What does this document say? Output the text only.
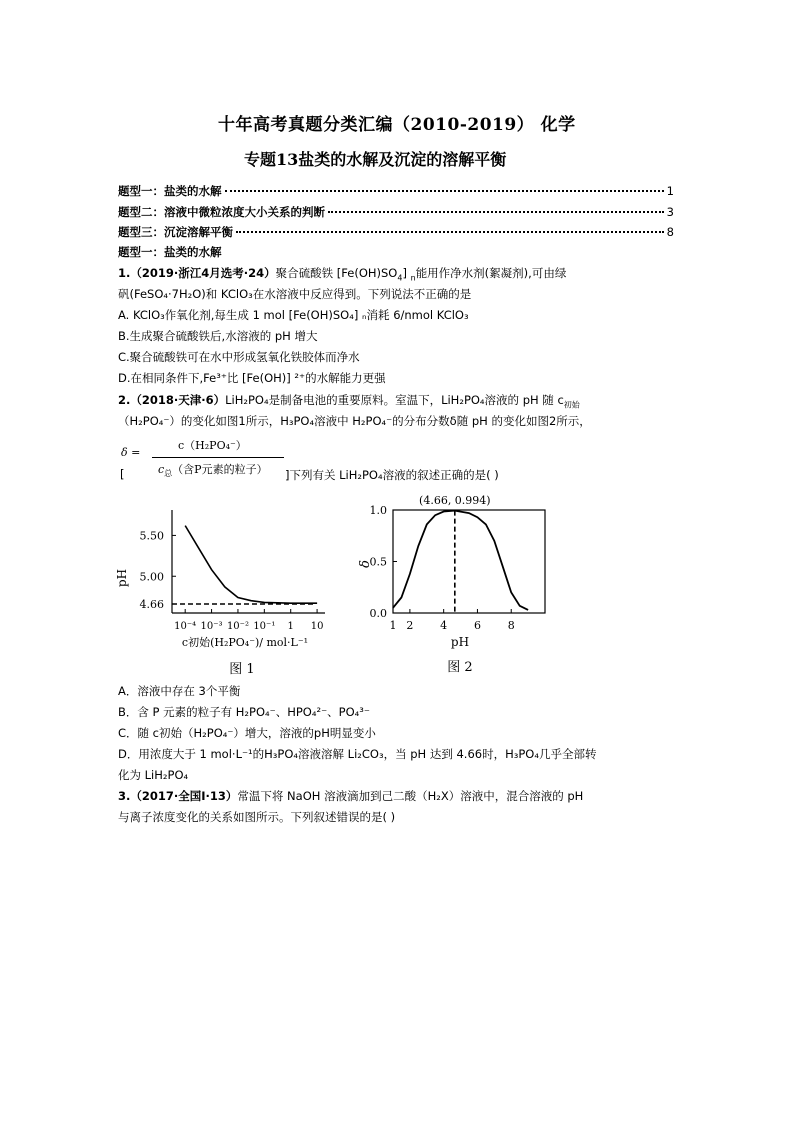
十年高考真题分类汇编（2010-2019） 化学
专题13盐类的水解及沉淀的溶解平衡
题型一：盐类的水解	1
题型二：溶液中微粒浓度大小关系的判断	3
题型三：沉淀溶解平衡	8
题型一：盐类的水解
1.（2019·浙江4月选考·24）聚合硫酸铁 $[Fe(OH)SO_4]$ $_n$能用作净水剂(絮凝剂),可由绿
矾(FeSO₄·7H₂O)和 KClO₃在水溶液中反应得到。下列说法不正确的是
A. KClO₃作氧化剂,每生成 1 mol [Fe(OH)SO₄] ₙ消耗 6/nmol KClO₃
B.生成聚合硫酸铁后,水溶液的 pH 增大
C.聚合硫酸铁可在水中形成氢氧化铁胶体而净水
D.在相同条件下,Fe³⁺比 [Fe(OH)] ²⁺的水解能力更强
2.（2018·天津·6）LiH₂PO₄是制备电池的重要原料。室温下，LiH₂PO₄溶液的 pH 随 $c_{初始}$
（H₂PO₄⁻）的变化如图1所示，H₃PO₄溶液中 H₂PO₄⁻的分布分数δ随 pH 的变化如图2所示，
δ =
c（H₂PO₄⁻）
$c_总$（含P元素的粒子）
[	]下列有关 LiH₂PO₄溶液的叙述正确的是( )
5.50
5.00
4.66
10⁻⁴ 10⁻³ 10⁻² 10⁻¹ 1 10
pH
c初始(H₂PO₄⁻)/ mol·L⁻¹
图 1
0.0
0.5
1.0
1 2 4 6 8
(4.66, 0.994)
δ
pH
图 2
A．溶液中存在 3个平衡
B．含 P 元素的粒子有 H₂PO₄⁻、HPO₄²⁻、PO₄³⁻
C．随 c初始（H₂PO₄⁻）增大，溶液的pH明显变小
D．用浓度大于 1 mol·L⁻¹的H₃PO₄溶液溶解 Li₂CO₃，当 pH 达到 4.66时，H₃PO₄几乎全部转
化为 LiH₂PO₄
3.（2017·全国Ⅰ·13）常温下将 NaOH 溶液滴加到己二酸（H₂X）溶液中，混合溶液的 pH
与离子浓度变化的关系如图所示。下列叙述错误的是( )
